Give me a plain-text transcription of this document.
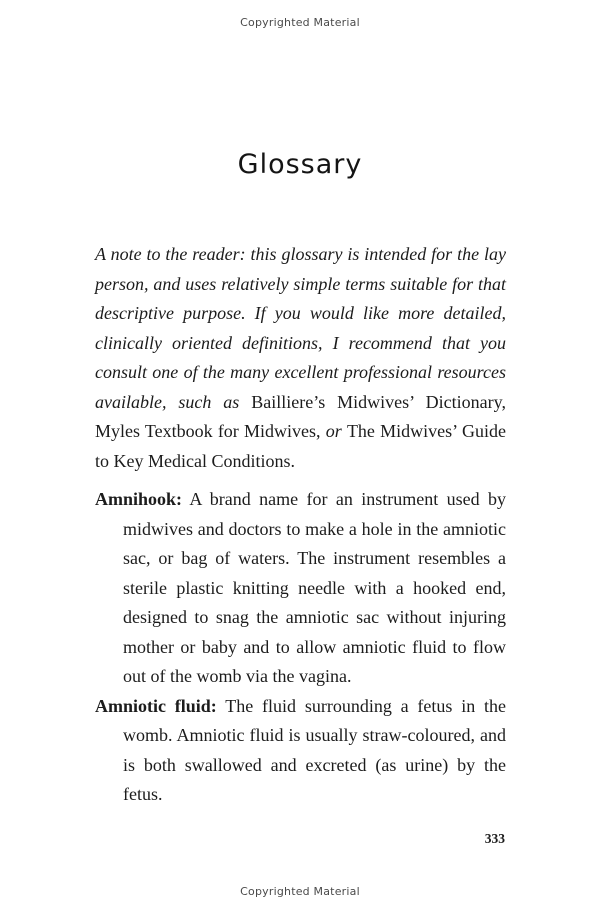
Copyrighted Material
Glossary

A note to the reader: this glossary is intended for the lay person, and uses relatively simple terms suitable for that descriptive purpose. If you would like more detailed, clinically oriented definitions, I recommend that you consult one of the many excellent professional resources available, such as Bailliere’s Midwives’ Dictionary, Myles Textbook for Midwives, or The Midwives’ Guide to Key Medical Conditions.

Amnihook: A brand name for an instrument used by midwives and doctors to make a hole in the amniotic sac, or bag of waters. The instrument resembles a sterile plastic knitting needle with a hooked end, designed to snag the amniotic sac without injuring mother or baby and to allow amniotic fluid to flow out of the womb via the vagina.

Amniotic fluid: The fluid surrounding a fetus in the womb. Amniotic fluid is usually straw-coloured, and is both swallowed and excreted (as urine) by the fetus.

333
Copyrighted Material
